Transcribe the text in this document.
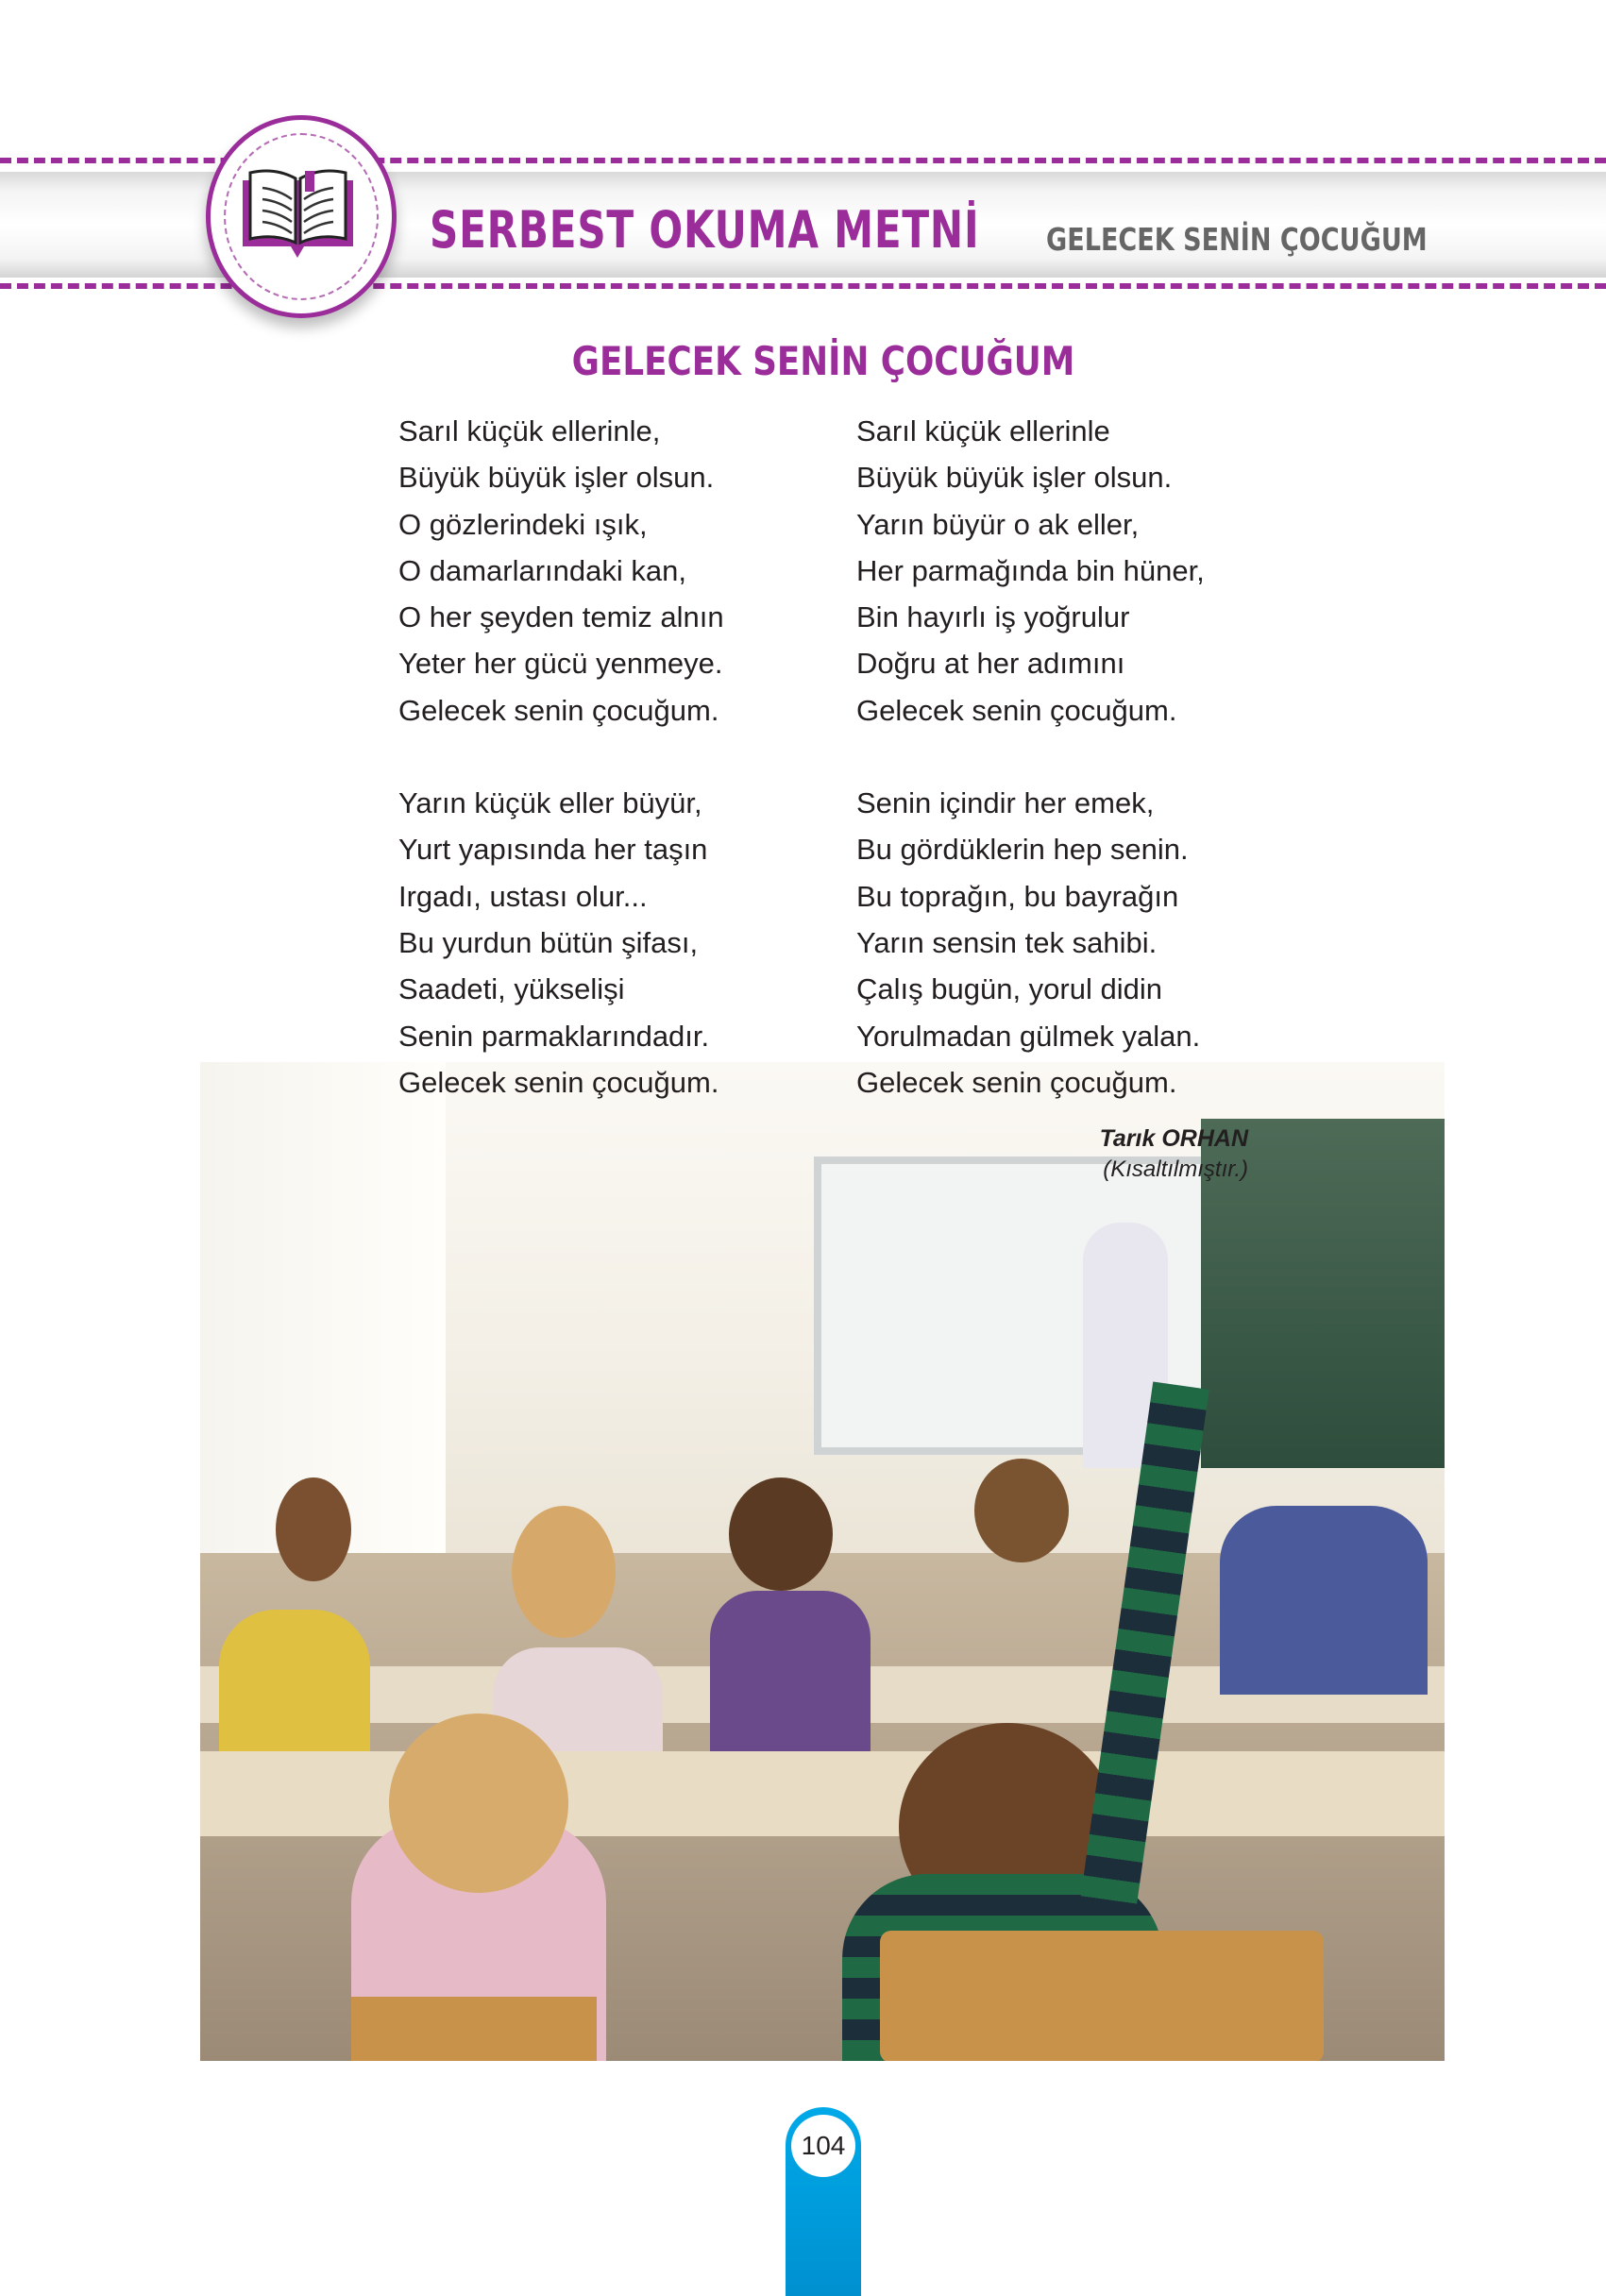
SERBEST OKUMA METNİ GELECEK SENİN ÇOCUĞUM
GELECEK SENİN ÇOCUĞUM
Sarıl küçük ellerinle,
Büyük büyük işler olsun.
O gözlerindeki ışık,
O damarlarındaki kan,
O her şeyden temiz alnın
Yeter her gücü yenmeye.
Gelecek senin çocuğum.
Yarın küçük eller büyür,
Yurt yapısında her taşın
Irgadı, ustası olur...
Bu yurdun bütün şifası,
Saadeti, yükselişi
Senin parmaklarındadır.
Gelecek senin çocuğum.
Sarıl küçük ellerinle
Büyük büyük işler olsun.
Yarın büyür o ak eller,
Her parmağında bin hüner,
Bin hayırlı iş yoğrulur
Doğru at her adımını
Gelecek senin çocuğum.
Senin içindir her emek,
Bu gördüklerin hep senin.
Bu toprağın, bu bayrağın
Yarın sensin tek sahibi.
Çalış bugün, yorul didin
Yorulmadan gülmek yalan.
Gelecek senin çocuğum.
Tarık ORHAN
(Kısaltılmıştır.)
104
